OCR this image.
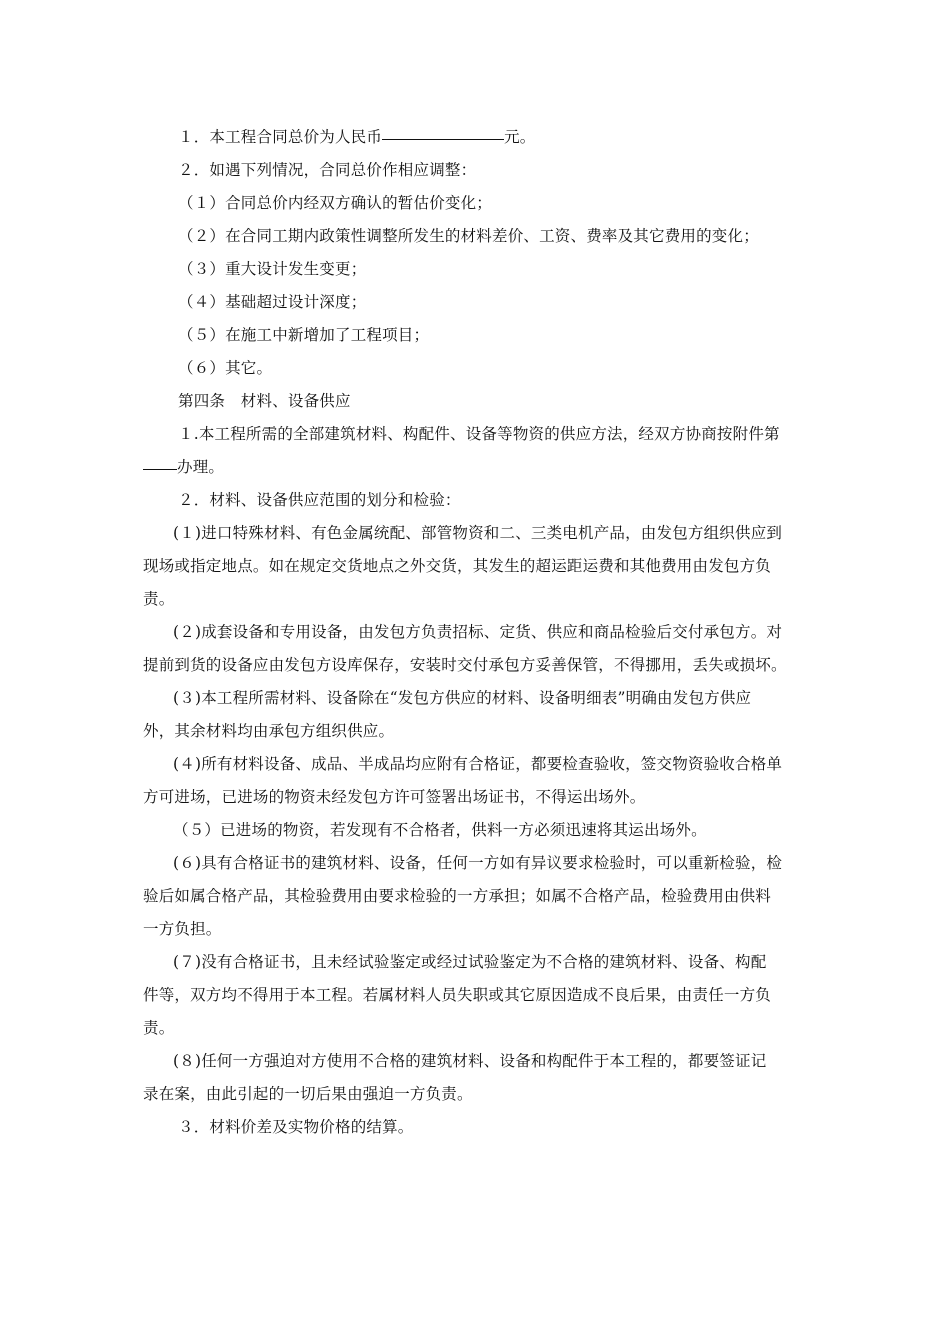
１．本工程合同总价为人民币	元。
２．如遇下列情况，合同总价作相应调整：
（１）合同总价内经双方确认的暂估价变化；
（２）在合同工期内政策性调整所发生的材料差价、工资、费率及其它费用的变化；
（３）重大设计发生变更；
（４）基础超过设计深度；
（５）在施工中新增加了工程项目；
（６）其它。
第四条　材料、设备供应
１.本工程所需的全部建筑材料、构配件、设备等物资的供应方法，经双方协商按附件第
办理。
２．材料、设备供应范围的划分和检验：
(１)进口特殊材料、有色金属统配、部管物资和二、三类电机产品，由发包方组织供应到
现场或指定地点。如在规定交货地点之外交货，其发生的超运距运费和其他费用由发包方负
责。
(２)成套设备和专用设备，由发包方负责招标、定货、供应和商品检验后交付承包方。对
提前到货的设备应由发包方设库保存，安装时交付承包方妥善保管，不得挪用，丢失或损坏。
(３)本工程所需材料、设备除在“发包方供应的材料、设备明细表”明确由发包方供应
外，其余材料均由承包方组织供应。
(４)所有材料设备、成品、半成品均应附有合格证，都要检查验收，签交物资验收合格单
方可进场，已进场的物资未经发包方许可签署出场证书，不得运出场外。
（５）已进场的物资，若发现有不合格者，供料一方必须迅速将其运出场外。
(６)具有合格证书的建筑材料、设备，任何一方如有异议要求检验时，可以重新检验，检
验后如属合格产品，其检验费用由要求检验的一方承担；如属不合格产品，检验费用由供料
一方负担。
(７)没有合格证书，且未经试验鉴定或经过试验鉴定为不合格的建筑材料、设备、构配
件等，双方均不得用于本工程。若属材料人员失职或其它原因造成不良后果，由责任一方负
责。
(８)任何一方强迫对方使用不合格的建筑材料、设备和构配件于本工程的，都要签证记
录在案，由此引起的一切后果由强迫一方负责。
３．材料价差及实物价格的结算。
